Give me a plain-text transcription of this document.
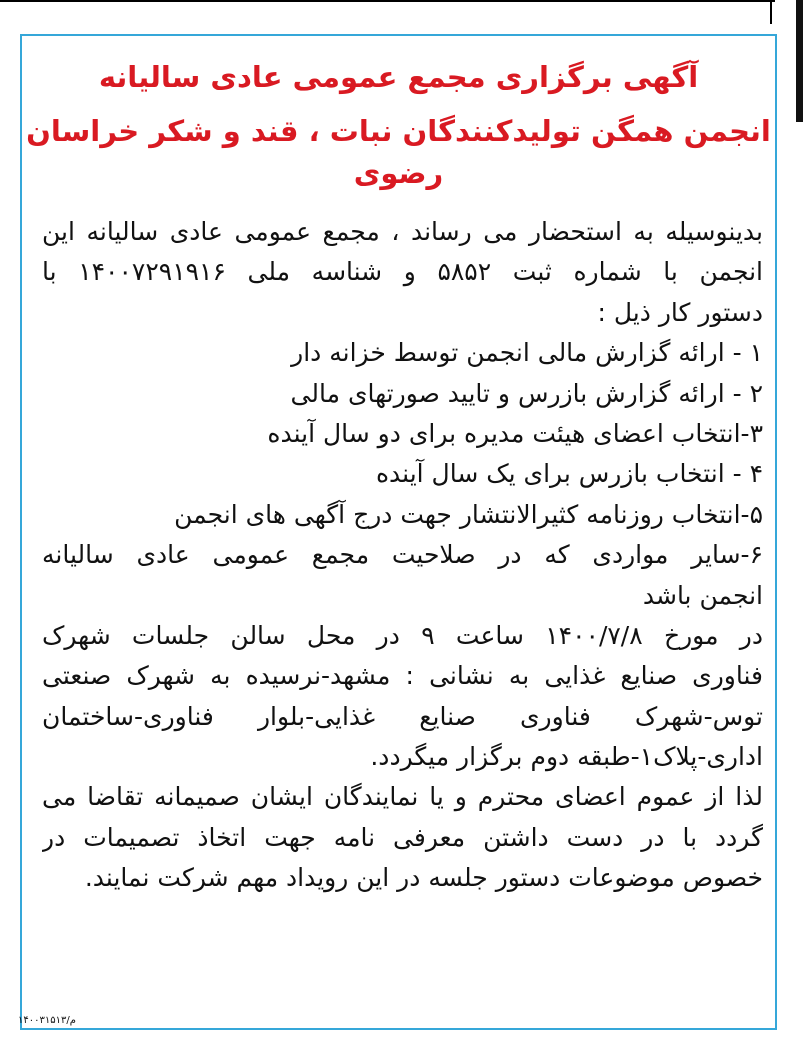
آگهی برگزاری مجمع عمومی عادی سالیانه
انجمن همگن تولیدکنندگان نبات ، قند و شکر خراسان رضوی
بدینوسیله به استحضار می رساند ، مجمع عمومی عادی سالیانه این
انجمن با شماره ثبت ۵۸۵۲ و شناسه ملی ۱۴۰۰۷۲۹۱۹۱۶ با
دستور کار ذیل :
۱ - ارائه گزارش مالی انجمن توسط خزانه دار
۲ - ارائه گزارش بازرس و تایید صورتهای مالی
۳-انتخاب اعضای هیئت مدیره برای دو سال آینده
۴ - انتخاب بازرس برای یک سال آینده
۵-انتخاب روزنامه کثیرالانتشار جهت درج آگهی های انجمن
۶-سایر مواردی که در صلاحیت مجمع عمومی عادی سالیانه
انجمن باشد
در مورخ ۱۴۰۰/۷/۸ ساعت ۹ در محل سالن جلسات شهرک
فناوری صنایع غذایی به نشانی : مشهد-نرسیده به شهرک صنعتی
توس-شهرک فناوری صنایع غذایی-بلوار فناوری-ساختمان
اداری-پلاک۱-طبقه دوم برگزار میگردد.
لذا از عموم اعضای محترم و یا نمایندگان ایشان صمیمانه تقاضا می
گردد با در دست داشتن معرفی نامه جهت اتخاذ تصمیمات در
خصوص موضوعات دستور جلسه در این رویداد مهم شرکت نمایند.
م/۱۴۰۰۳۱۵۱۳
